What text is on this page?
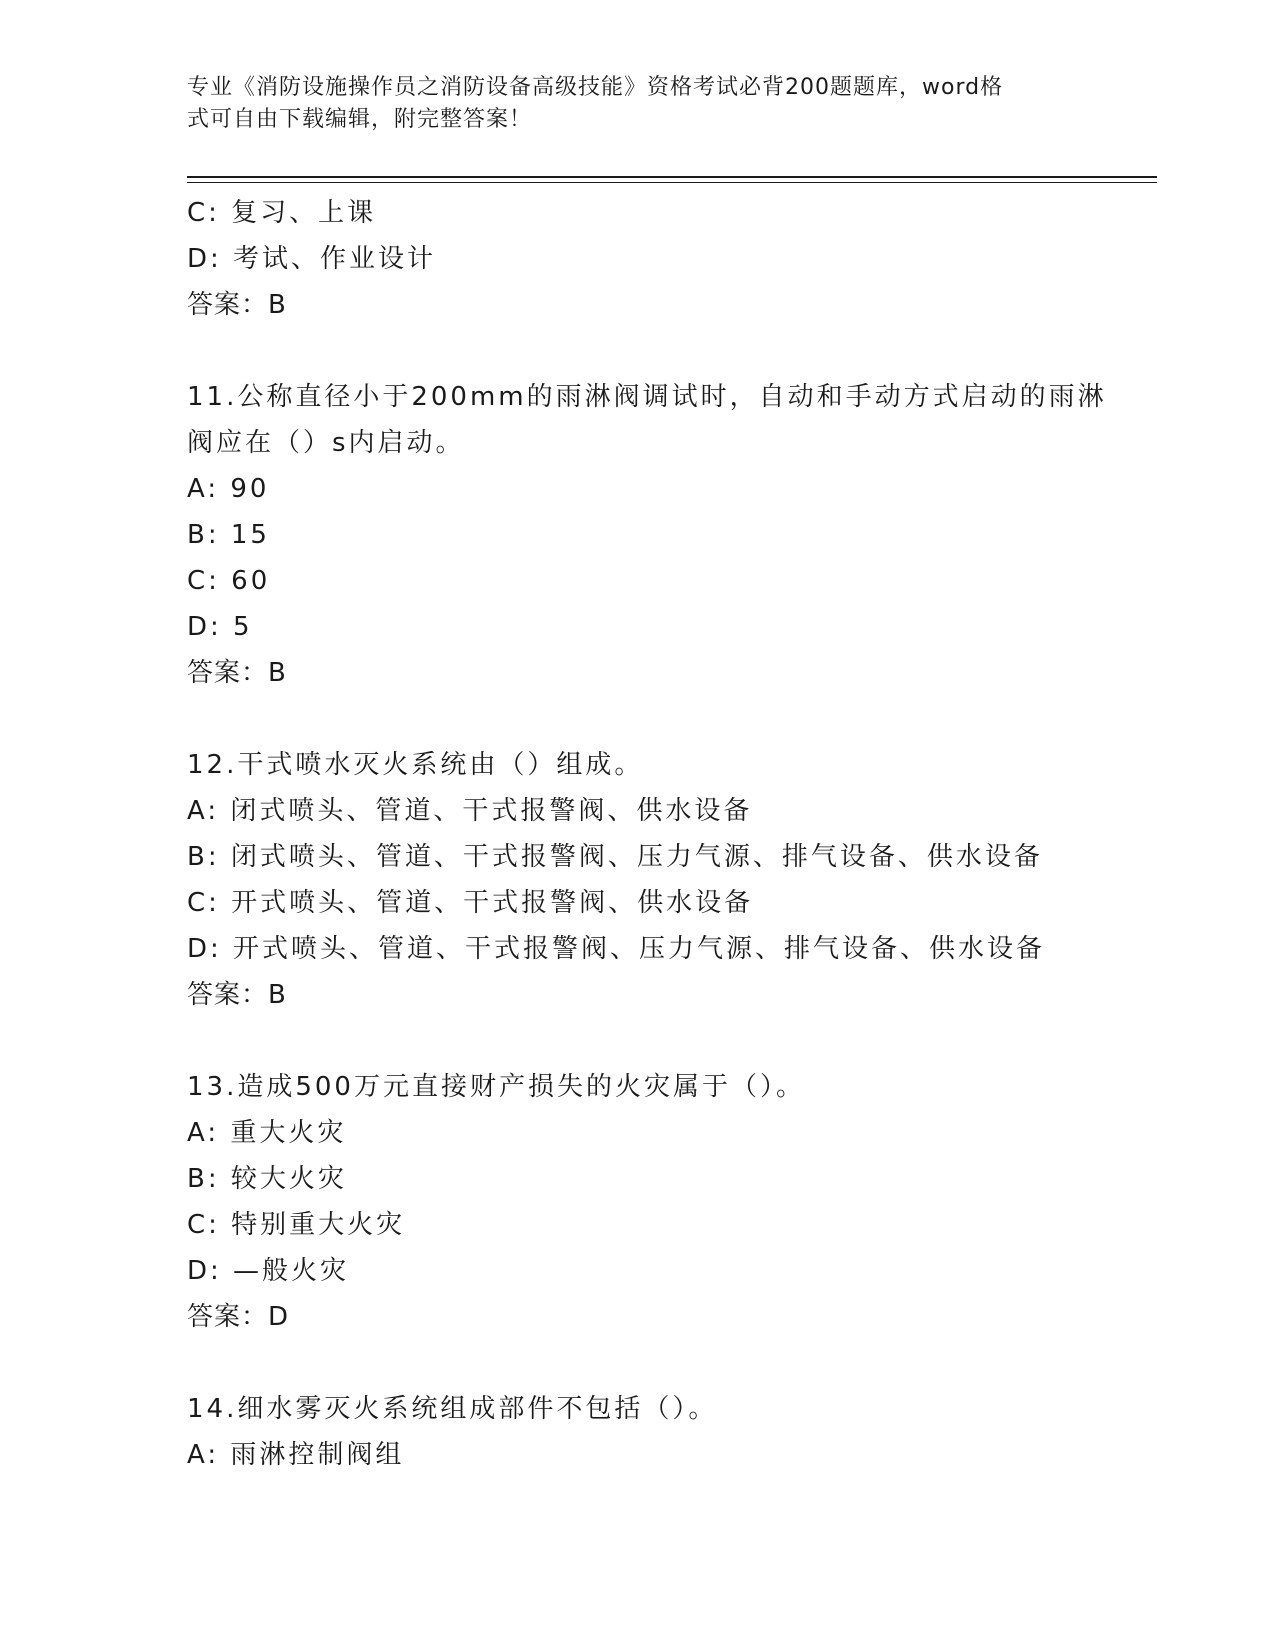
专业《消防设施操作员之消防设备高级技能》资格考试必背200题题库，word格
式可自由下载编辑，附完整答案！
C: 复习、上课
D: 考试、作业设计
答案：B
11.公称直径小于200mm的雨淋阀调试时，自动和手动方式启动的雨淋
阀应在（）s内启动。
A: 90
B: 15
C: 60
D: 5
答案：B
12.干式喷水灭火系统由（）组成。
A: 闭式喷头、管道、干式报警阀、供水设备
B: 闭式喷头、管道、干式报警阀、压力气源、排气设备、供水设备
C: 开式喷头、管道、干式报警阀、供水设备
D: 开式喷头、管道、干式报警阀、压力气源、排气设备、供水设备
答案：B
13.造成500万元直接财产损失的火灾属于（）。
A: 重大火灾
B: 较大火灾
C: 特别重大火灾
D: —般火灾
答案：D
14.细水雾灭火系统组成部件不包括（）。
A: 雨淋控制阀组
